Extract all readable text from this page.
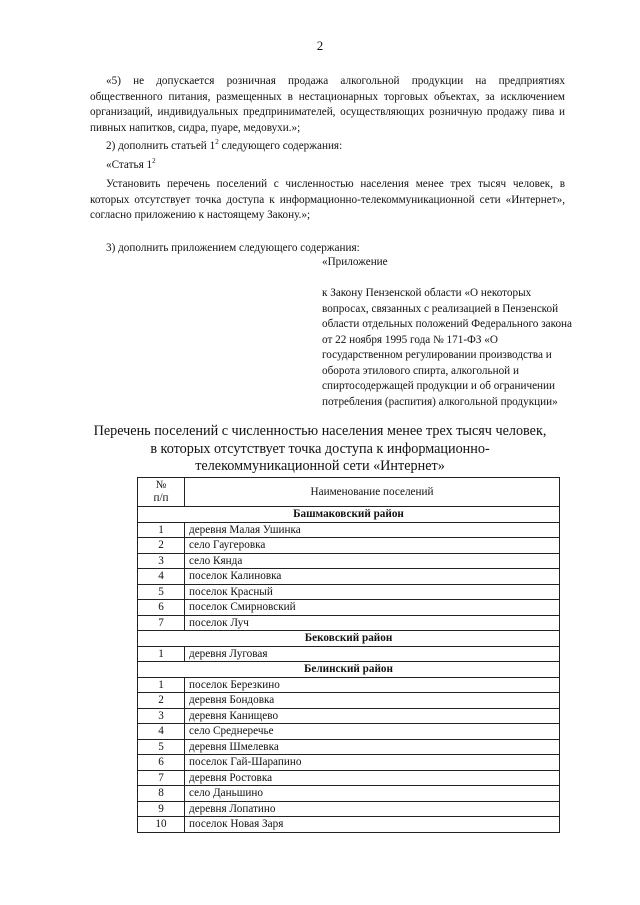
2

«5) не допускается розничная продажа алкогольной продукции на предприятиях общественного питания, размещенных в нестационарных торговых объектах, за исключением организаций, индивидуальных предпринимателей, осуществляющих розничную продажу пива и пивных напитков, сидра, пуаре, медовухи.»;

2) дополнить статьей $1^2$ следующего содержания:

«Статья $1^2$

Установить перечень поселений с численностью населения менее трех тысяч человек, в которых отсутствует точка доступа к информационно-телекоммуникационной сети «Интернет», согласно приложению к настоящему Закону.»;

3) дополнить приложением следующего содержания:

«Приложение

к Закону Пензенской области «О некоторых вопросах, связанных с реализацией в Пензенской области отдельных положений Федерального закона от 22 ноября 1995 года № 171-ФЗ «О государственном регулировании производства и оборота этилового спирта, алкогольной и спиртосодержащей продукции и об ограничении потребления (распития) алкогольной продукции»

Перечень поселений с численностью населения менее трех тысяч человек,
в которых отсутствует точка доступа к информационно-
телекоммуникационной сети «Интернет»
№
п/п	Наименование поселений
Башмаковский район	
1	деревня Малая Ушинка
2	село Гаугеровка
3	село Кянда
4	поселок Калиновка
5	поселок Красный
6	поселок Смирновский
7	поселок Луч
Бековский район	
1	деревня Луговая
Белинский район	
1	поселок Березкино
2	деревня Бондовка
3	деревня Канищево
4	село Среднеречье
5	деревня Шмелевка
6	поселок Гай-Шарапино
7	деревня Ростовка
8	село Даньшино
9	деревня Лопатино
10	поселок Новая Заря
